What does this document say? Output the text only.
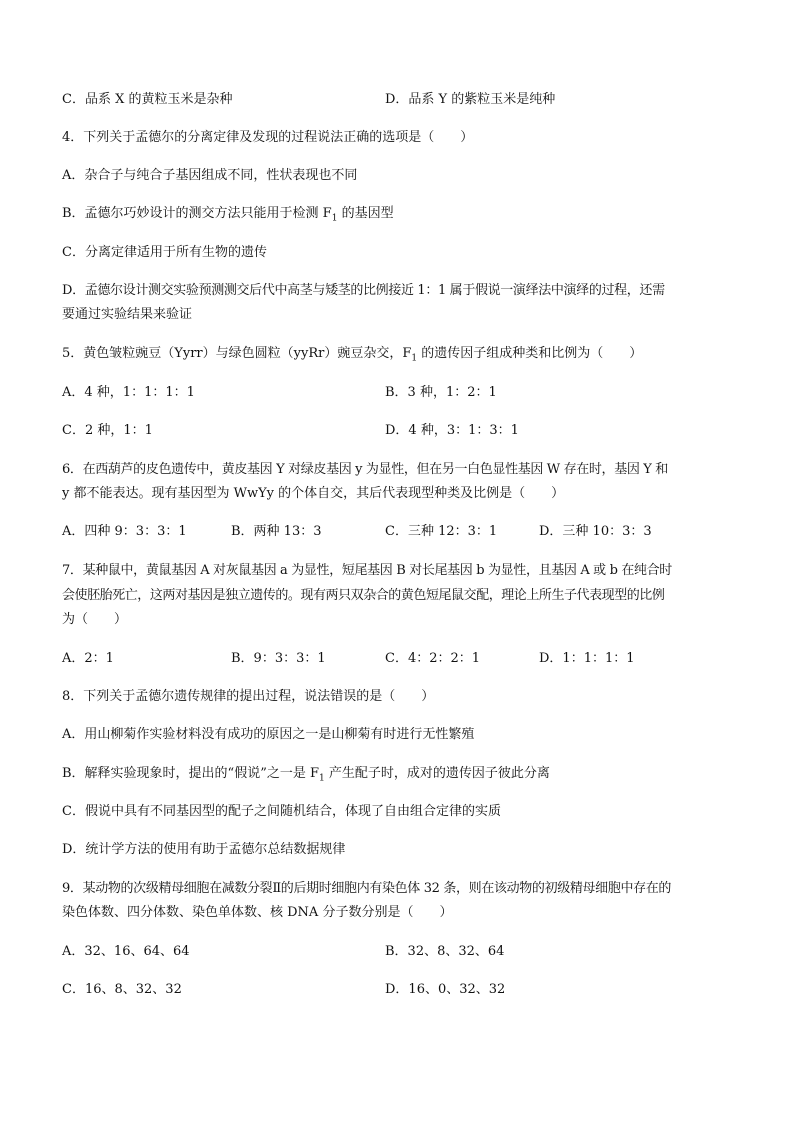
C．品系 X 的黄粒玉米是杂种	D．品系 Y 的紫粒玉米是纯种
4．下列关于孟德尔的分离定律及发现的过程说法正确的选项是（　　）
A．杂合子与纯合子基因组成不同，性状表现也不同
B．孟德尔巧妙设计的测交方法只能用于检测 $F_1$ 的基因型
C．分离定律适用于所有生物的遗传
D．孟德尔设计测交实验预测测交后代中高茎与矮茎的比例接近 1：1 属于假说一演绎法中演绎的过程，还需
要通过实验结果来验证
5．黄色皱粒豌豆（Yyrr）与绿色圆粒（yyRr）豌豆杂交，$F_1$ 的遗传因子组成种类和比例为（　　）
A．4 种，1：1：1：1	B．3 种，1：2：1
C．2 种，1：1	D．4 种，3：1：3：1
6．在西葫芦的皮色遗传中，黄皮基因 Y 对绿皮基因 y 为显性，但在另一白色显性基因 W 存在时，基因 Y 和
y 都不能表达。现有基因型为 WwYy 的个体自交，其后代表现型种类及比例是（　　）
A．四种 9：3：3：1	B．两种 13：3	C．三种 12：3：1	D．三种 10：3：3
7．某种鼠中，黄鼠基因 A 对灰鼠基因 a 为显性，短尾基因 B 对长尾基因 b 为显性，且基因 A 或 b 在纯合时
会使胚胎死亡，这两对基因是独立遗传的。现有两只双杂合的黄色短尾鼠交配，理论上所生子代表现型的比例
为（　　）
A．2：1	B．9：3：3：1	C．4：2：2：1	D．1：1：1：1
8．下列关于孟德尔遗传规律的提出过程，说法错误的是（　　）
A．用山柳菊作实验材料没有成功的原因之一是山柳菊有时进行无性繁殖
B．解释实验现象时，提出的“假说”之一是 $F_1$ 产生配子时，成对的遗传因子彼此分离
C．假说中具有不同基因型的配子之间随机结合，体现了自由组合定律的实质
D．统计学方法的使用有助于孟德尔总结数据规律
9．某动物的次级精母细胞在减数分裂Ⅱ的后期时细胞内有染色体 32 条，则在该动物的初级精母细胞中存在的
染色体数、四分体数、染色单体数、核 DNA 分子数分别是（　　）
A．32、16、64、64	B．32、8、32、64
C．16、8、32、32	D．16、0、32、32
